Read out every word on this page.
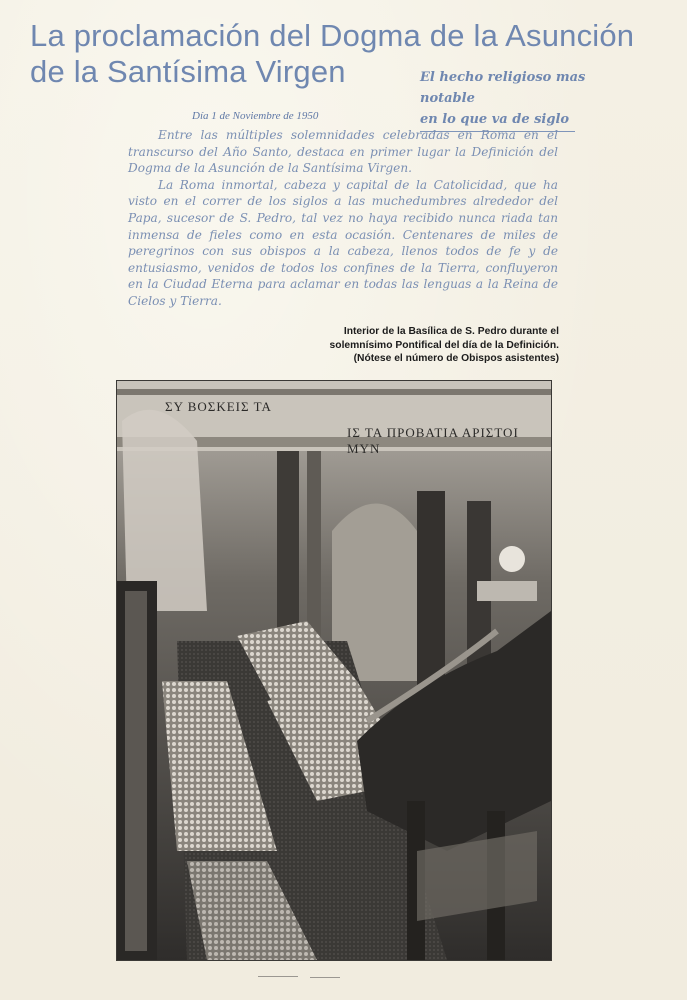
La proclamación del Dogma de la Asunción
de la Santísima Virgen	El hecho religioso mas notable
en lo que va de siglo
Día 1 de Noviembre de 1950

Entre las múltiples solemnidades celebradas en Roma en el transcurso del Año Santo, destaca en primer lugar la Definición del Dogma de la Asunción de la Santísima Virgen.

La Roma inmortal, cabeza y capital de la Catolicidad, que ha visto en el correr de los siglos a las muchedumbres alrededor del Papa, sucesor de S. Pedro, tal vez no haya recibido nunca riada tan inmensa de fieles como en esta ocasión. Centenares de miles de peregrinos con sus obispos a la cabeza, llenos todos de fe y de entusiasmo, venidos de todos los confines de la Tierra, confluyeron en la Ciudad Eterna para aclamar en todas las lenguas a la Reina de Cielos y Tierra.

Interior de la Basílica de S. Pedro durante el
solemnísimo Pontifical del día de la Definición.
(Nótese el número de Obispos asistentes)
ΣΥ ΒΟΣΚΕΙΣ ΤΑ
ΙΣ ΤΑ ΠΡΟΒΑΤΙΑ ΑΡΙΣΤΟΙ ΜΥΝ
